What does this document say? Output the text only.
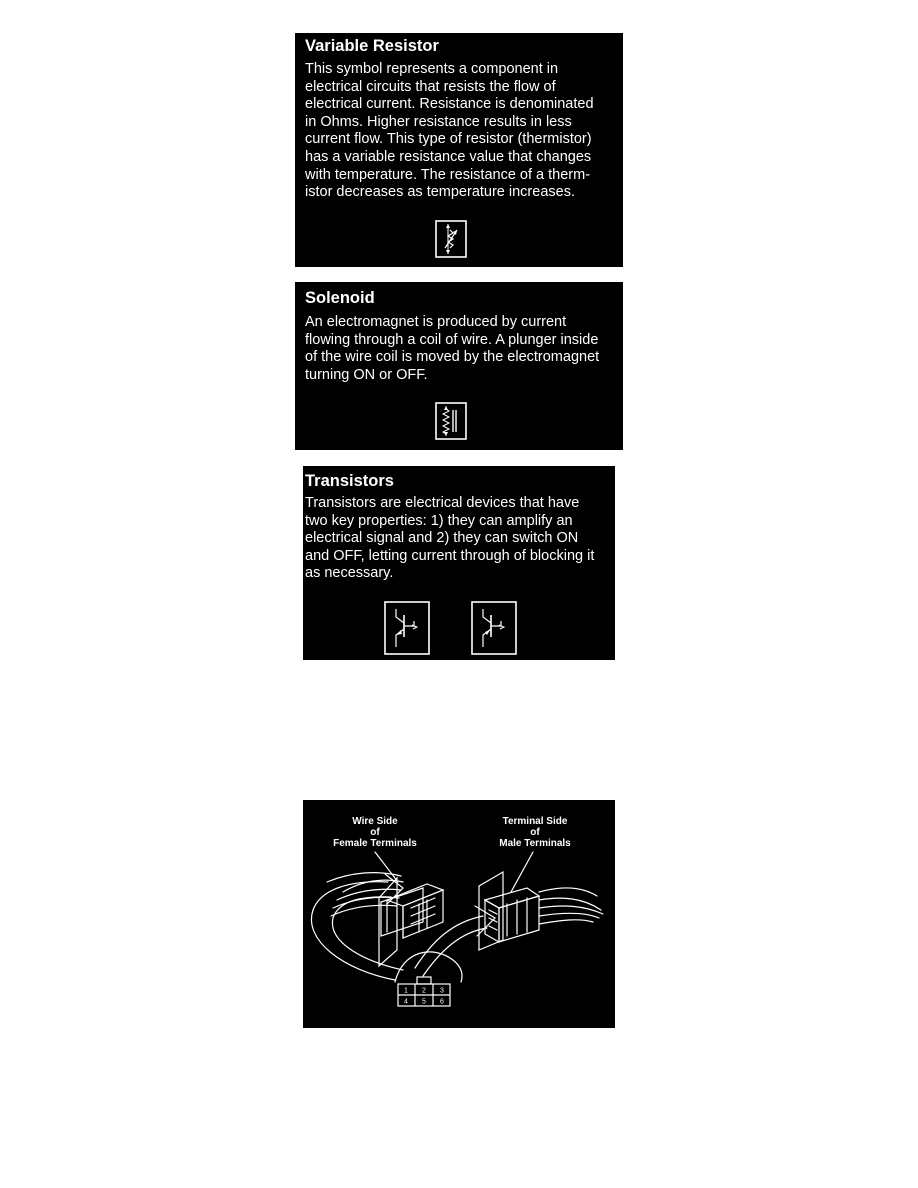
Variable Resistor

This symbol represents a component in
electrical circuits that resists the flow of
electrical current. Resistance is denominated
in Ohms. Higher resistance results in less
current flow. This type of resistor (thermistor)
has a variable resistance value that changes
with temperature. The resistance of a therm-
istor decreases as temperature increases.

Solenoid

An electromagnet is produced by current
flowing through a coil of wire. A plunger inside
of the wire coil is moved by the electromagnet
turning ON or OFF.

Transistors

Transistors are electrical devices that have
two key properties: 1) they can amplify an
electrical signal and 2) they can switch ON
and OFF, letting current through of blocking it
as necessary.

Wire Side
of
Female Terminals
Terminal Side
of
Male Terminals
1 2 3
4 5 6
